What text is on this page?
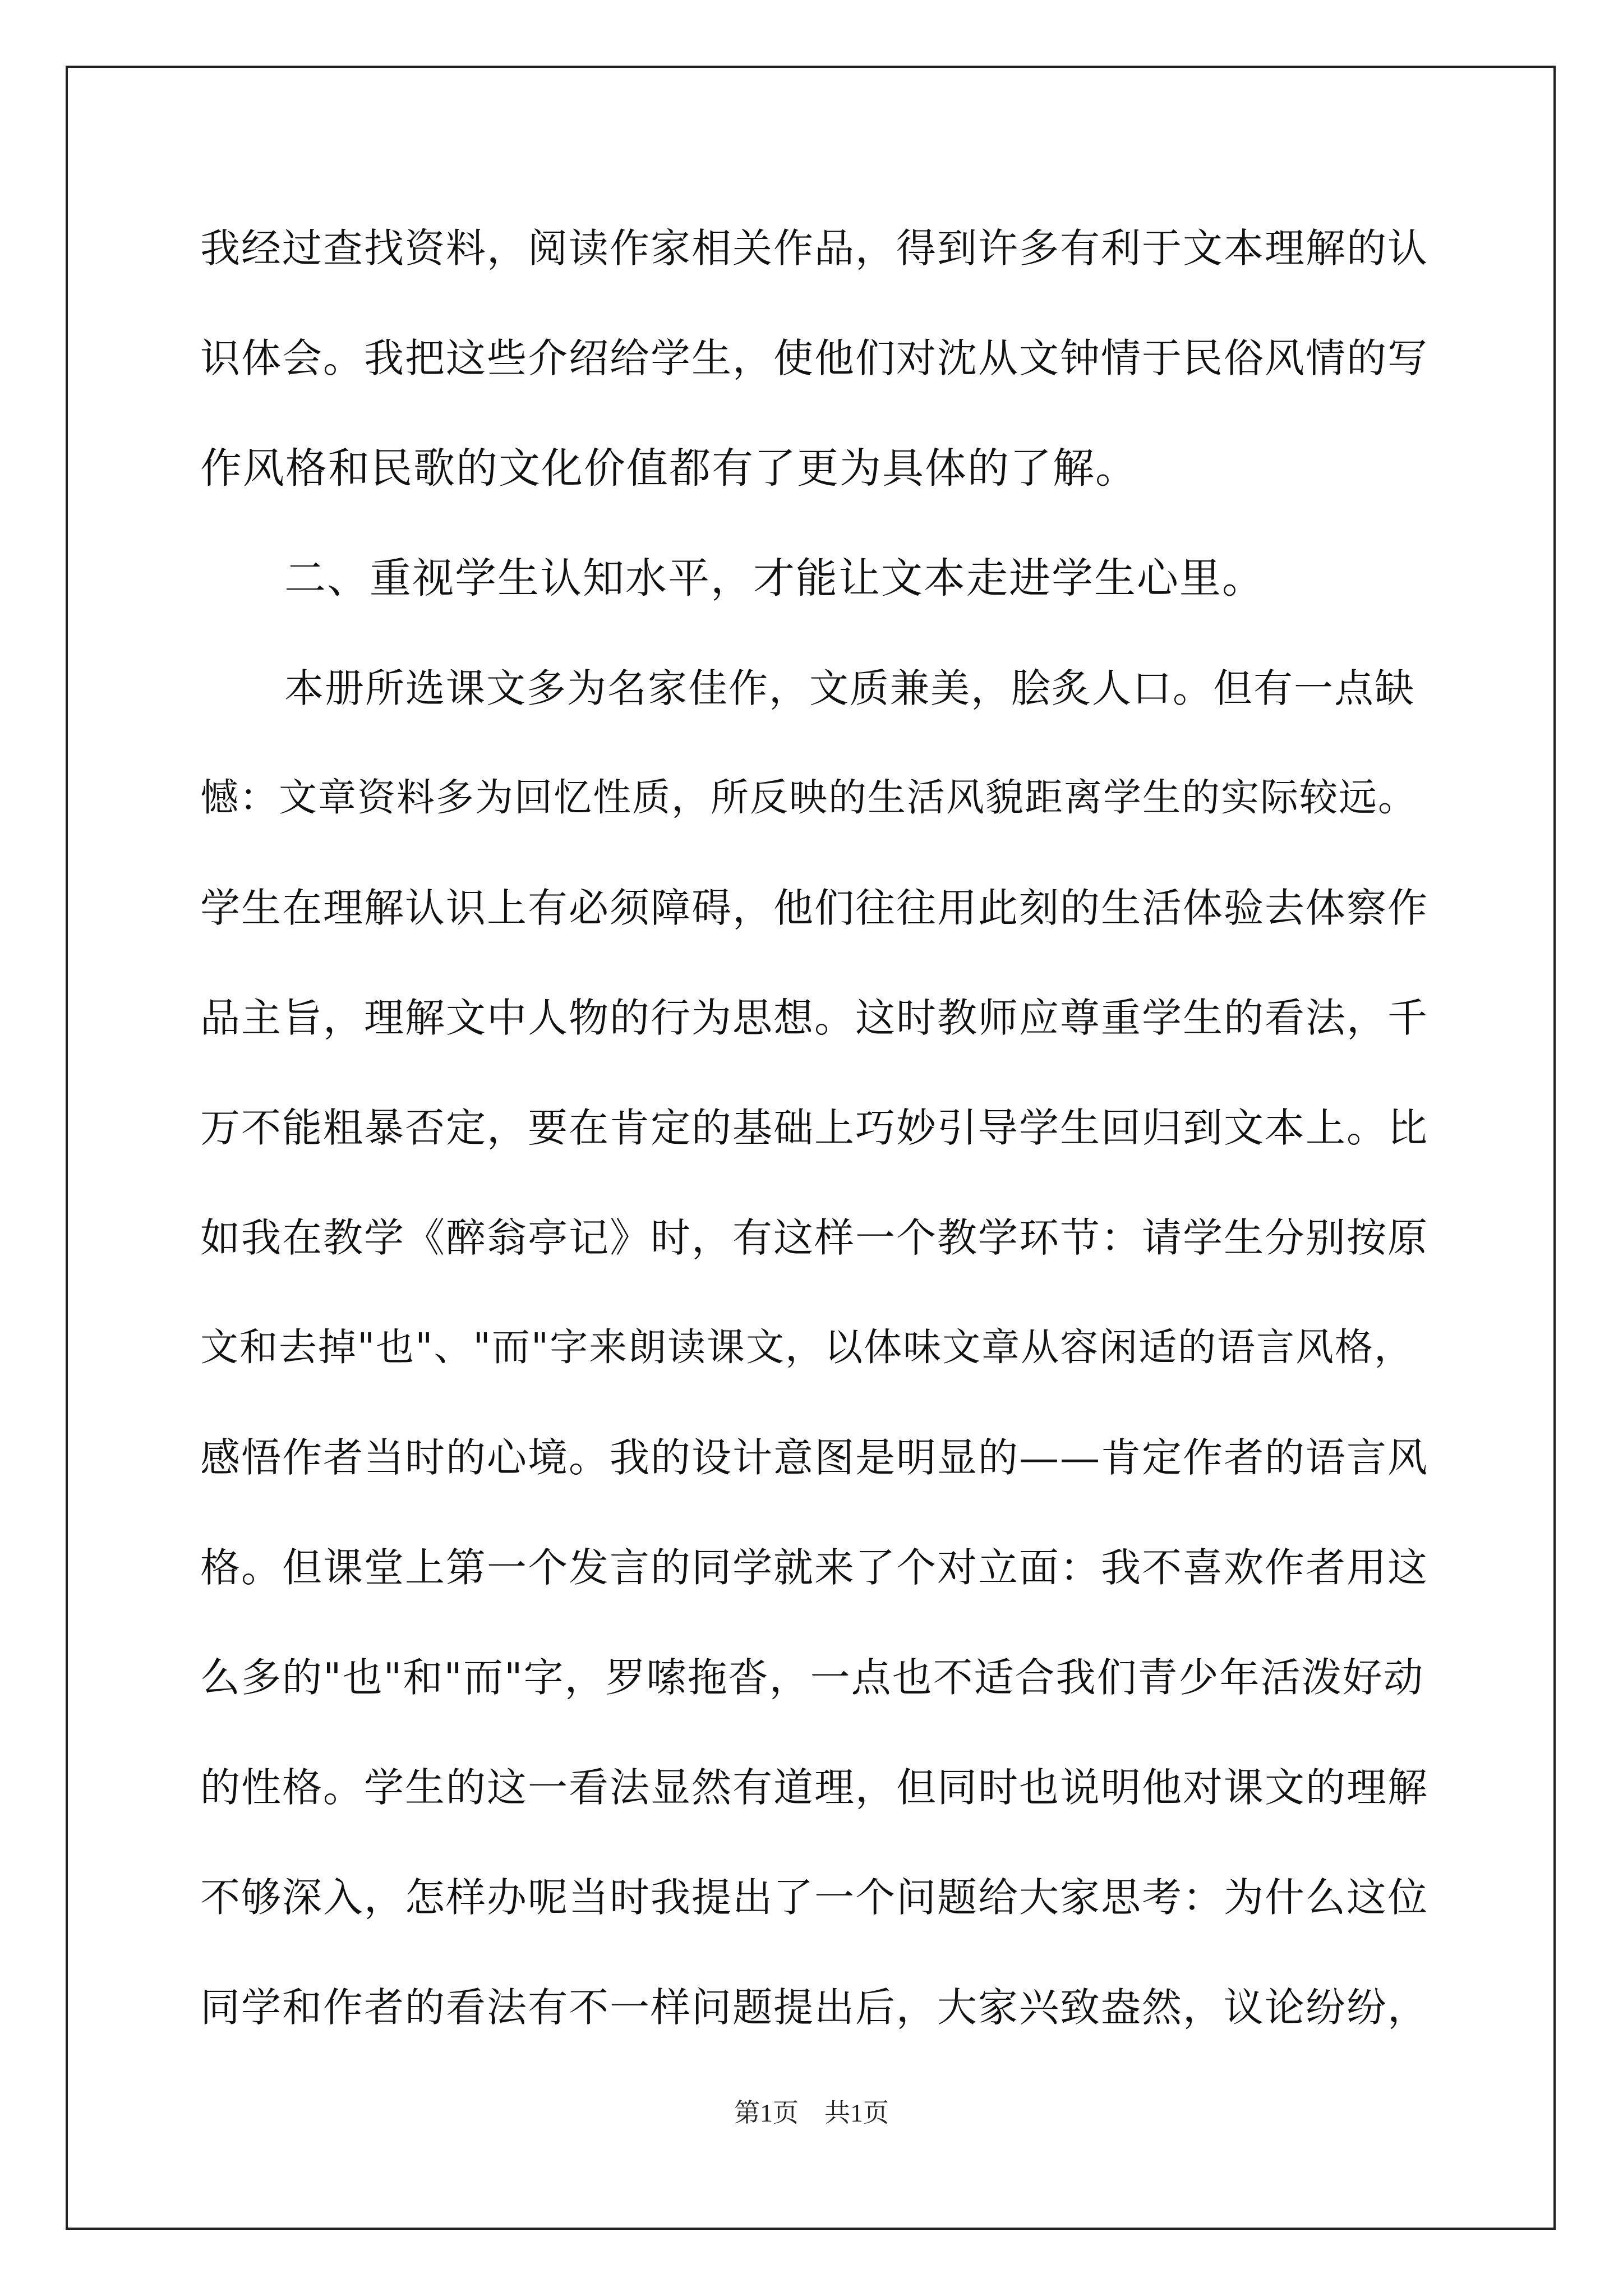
我经过查找资料，阅读作家相关作品，得到许多有利于文本理解的认
识体会。我把这些介绍给学生，使他们对沈从文钟情于民俗风情的写
作风格和民歌的文化价值都有了更为具体的了解。
二、重视学生认知水平，才能让文本走进学生心里。
本册所选课文多为名家佳作，文质兼美，脍炙人口。但有一点缺
憾：文章资料多为回忆性质，所反映的生活风貌距离学生的实际较远。
学生在理解认识上有必须障碍，他们往往用此刻的生活体验去体察作
品主旨，理解文中人物的行为思想。这时教师应尊重学生的看法，千
万不能粗暴否定，要在肯定的基础上巧妙引导学生回归到文本上。比
如我在教学《醉翁亭记》时，有这样一个教学环节：请学生分别按原
文和去掉"也"、"而"字来朗读课文，以体味文章从容闲适的语言风格，
感悟作者当时的心境。我的设计意图是明显的——肯定作者的语言风
格。但课堂上第一个发言的同学就来了个对立面：我不喜欢作者用这
么多的"也"和"而"字，罗嗦拖沓，一点也不适合我们青少年活泼好动
的性格。学生的这一看法显然有道理，但同时也说明他对课文的理解
不够深入，怎样办呢当时我提出了一个问题给大家思考：为什么这位
同学和作者的看法有不一样问题提出后，大家兴致盎然，议论纷纷，
第1页　共1页
